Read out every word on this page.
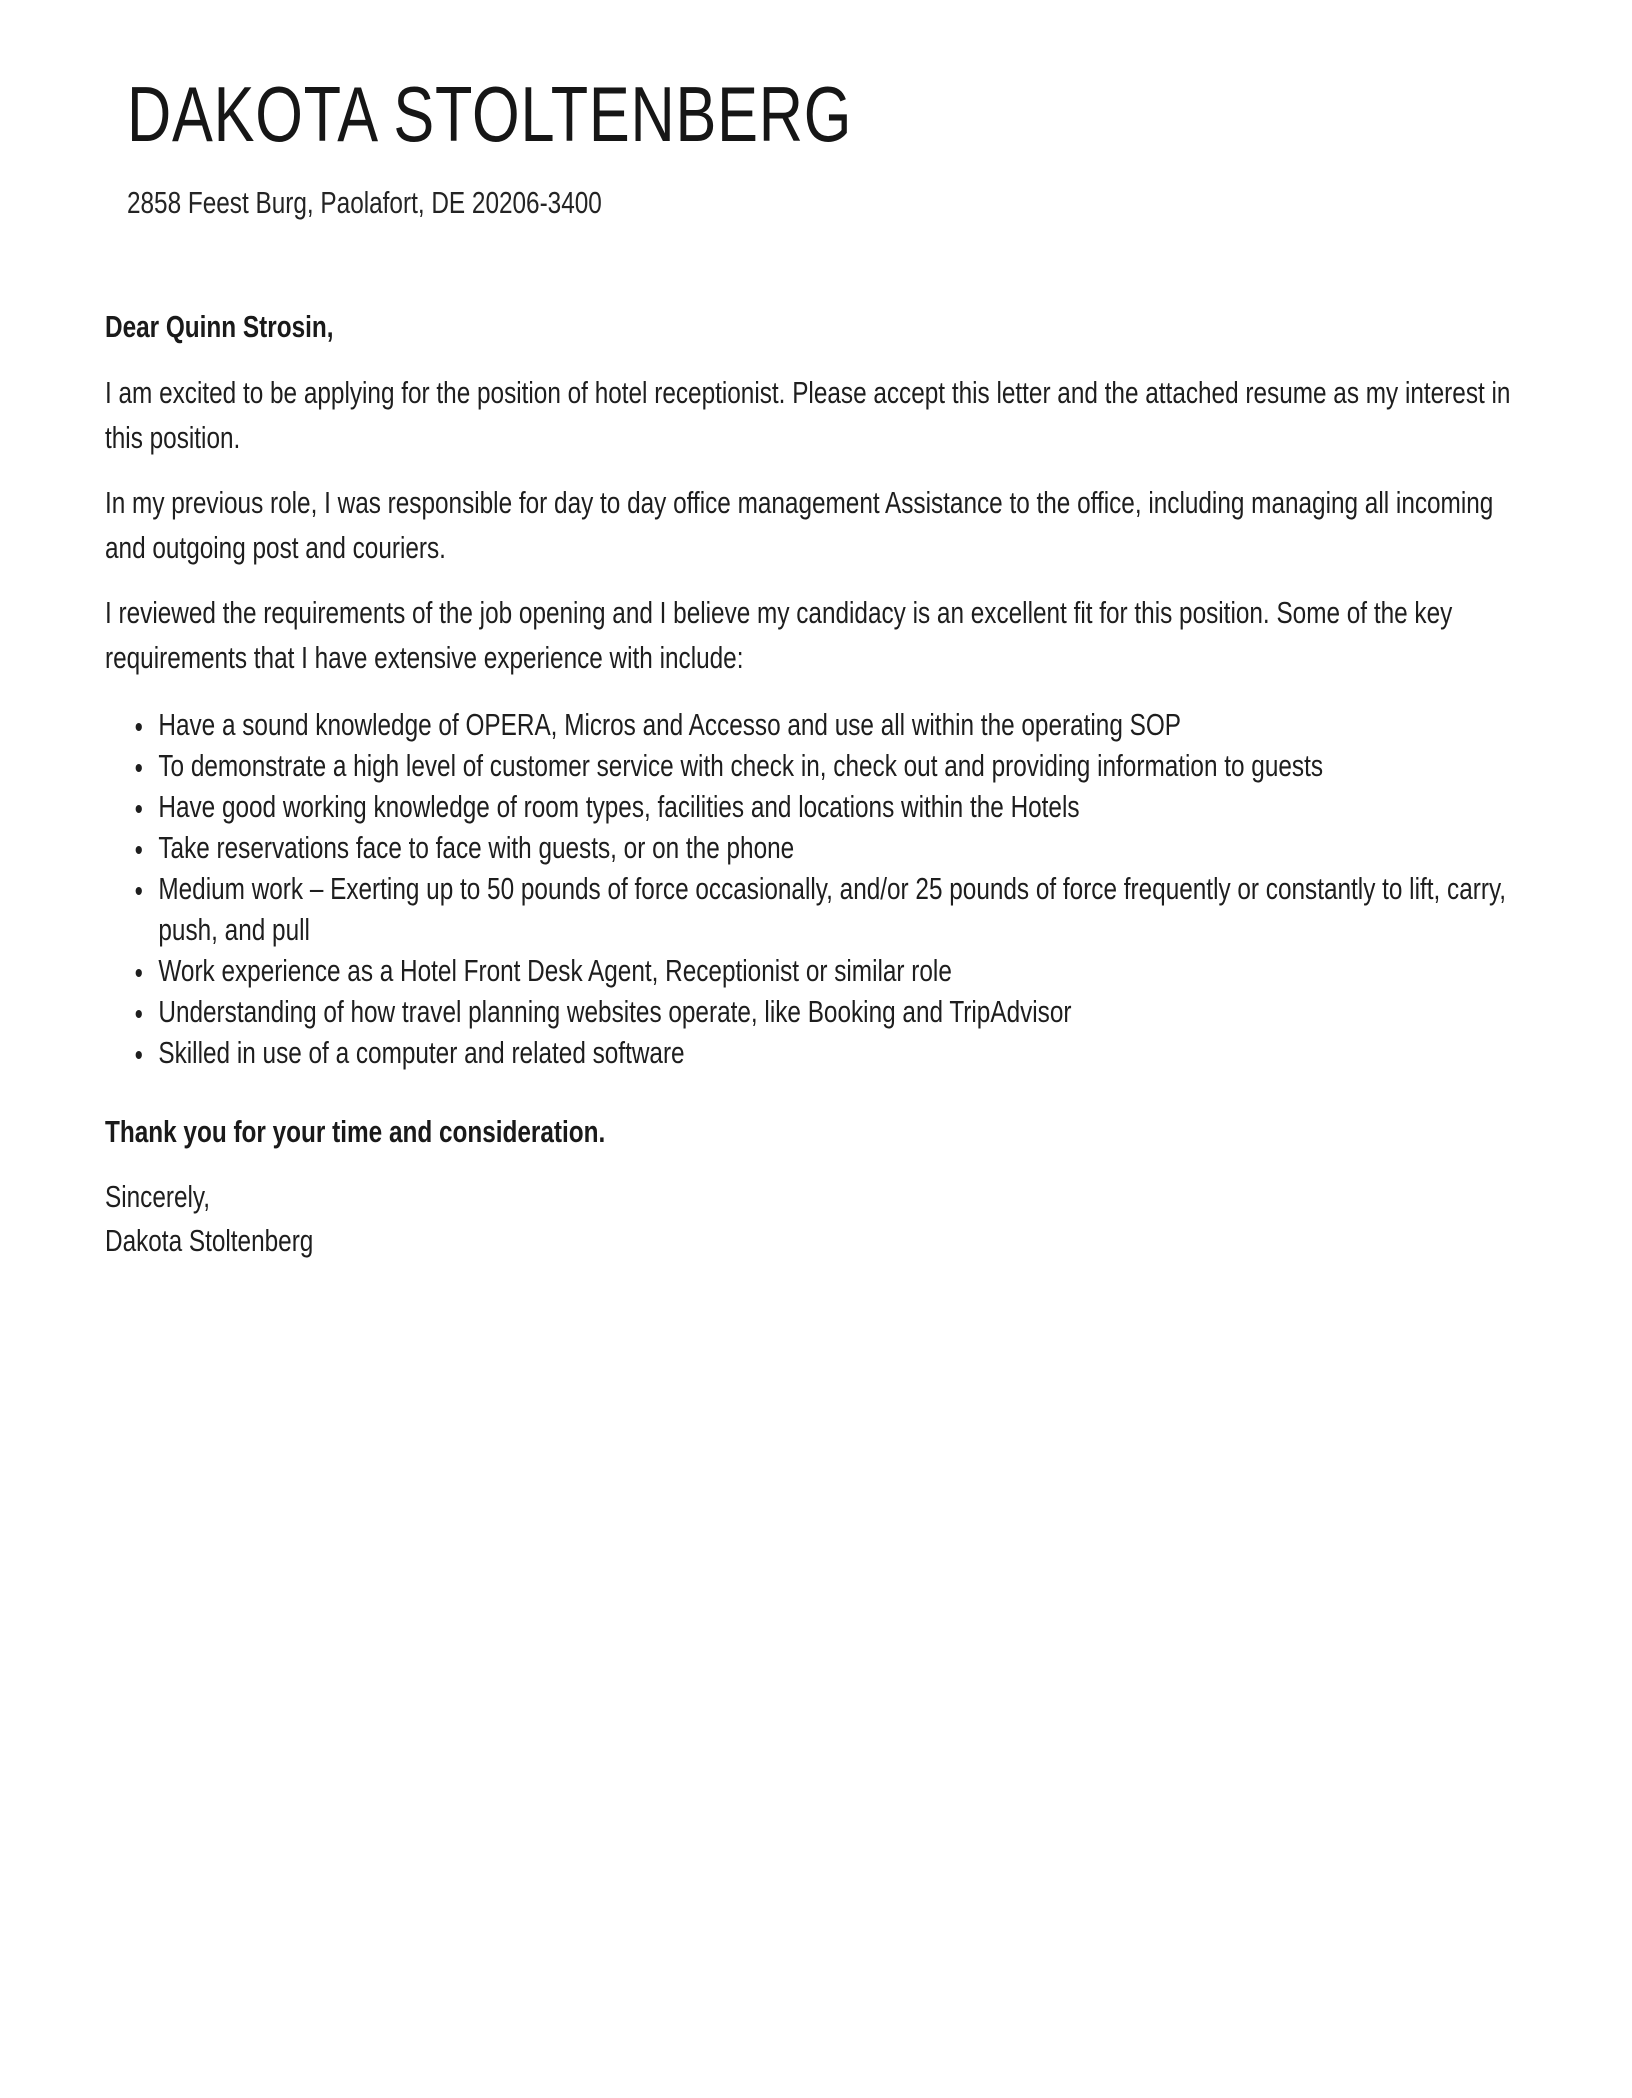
DAKOTA STOLTENBERG
2858 Feest Burg, Paolafort, DE 20206-3400
Dear Quinn Strosin,

I am excited to be applying for the position of hotel receptionist. Please accept this letter and the attached resume as my interest in this position.

In my previous role, I was responsible for day to day office management Assistance to the office, including managing all incoming and outgoing post and couriers.

I reviewed the requirements of the job opening and I believe my candidacy is an excellent fit for this position. Some of the key requirements that I have extensive experience with include:

• Have a sound knowledge of OPERA, Micros and Accesso and use all within the operating SOP
• To demonstrate a high level of customer service with check in, check out and providing information to guests
• Have good working knowledge of room types, facilities and locations within the Hotels
• Take reservations face to face with guests, or on the phone
• Medium work – Exerting up to 50 pounds of force occasionally, and/or 25 pounds of force frequently or constantly to lift, carry, push, and pull
• Work experience as a Hotel Front Desk Agent, Receptionist or similar role
• Understanding of how travel planning websites operate, like Booking and TripAdvisor
• Skilled in use of a computer and related software
Thank you for your time and consideration.
Sincerely,
Dakota Stoltenberg
